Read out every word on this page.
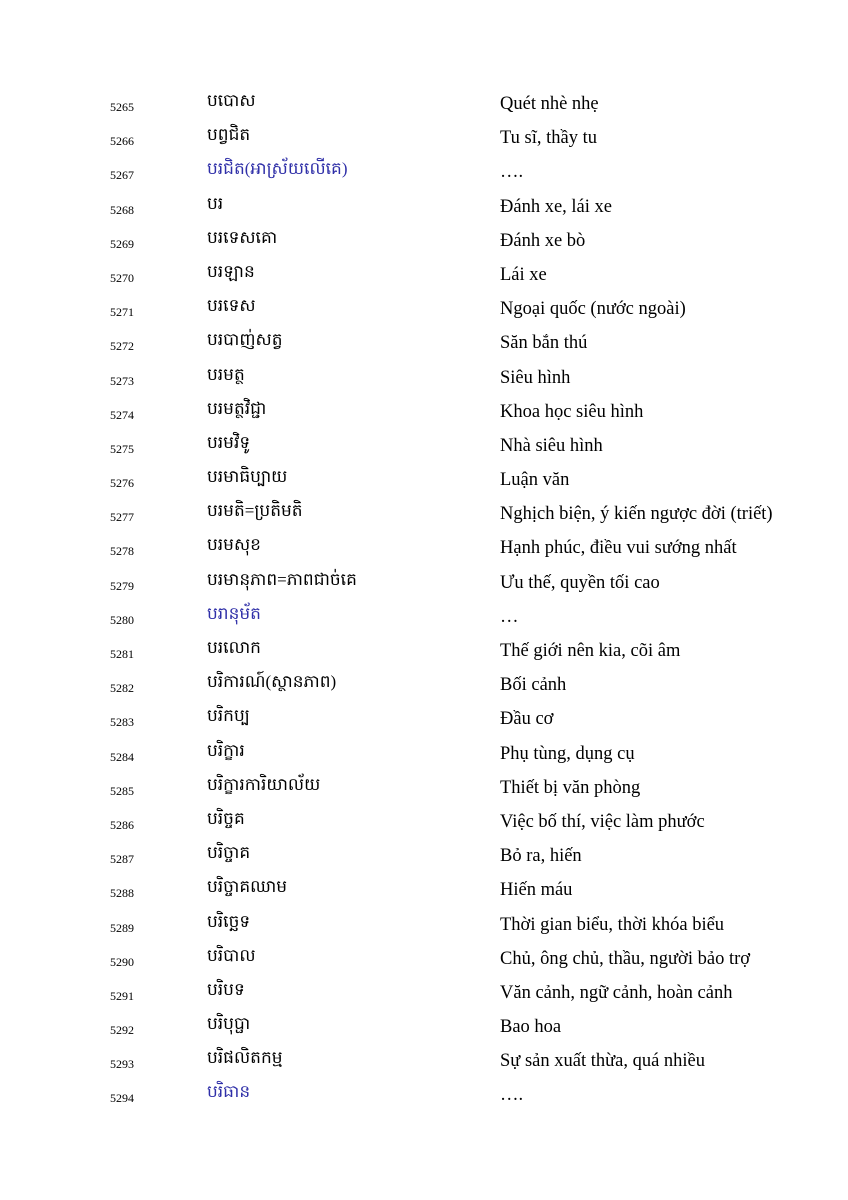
5265	បបោស	Quét nhè nhẹ
5266	បព្វជិត	Tu sĩ, thầy tu
5267	បរជិត(អាស្រ័យលើគេ)	….
5268	បរ	Đánh xe, lái xe
5269	បរទេសគោ	Đánh xe bò
5270	បរឡាន	Lái xe
5271	បរទេស	Ngoại quốc (nước ngoài)
5272	បរបាញ់សត្វ	Săn bắn thú
5273	បរមត្ថ	Siêu hình
5274	បរមត្ថវិជ្ជា	Khoa học siêu hình
5275	បរមវិទូ	Nhà siêu hình
5276	បរមាធិប្បាយ	Luận văn
5277	បរមតិ=ប្រតិមតិ	Nghịch biện, ý kiến ngược đời (triết)
5278	បរមសុខ	Hạnh phúc, điều vui sướng nhất
5279	បរមានុភាព=ភាពជាច់គេ	Ưu thế, quyền tối cao
5280	បរានុម័ត	…
5281	បរលោក	Thế giới nên kia, cõi âm
5282	បរិការណ៍(ស្ថានភាព)	Bối cảnh
5283	បរិកប្ប	Đầu cơ
5284	បរិក្ខារ	Phụ tùng, dụng cụ
5285	បរិក្ខារការិយាល័យ	Thiết bị văn phòng
5286	បរិច្ចគ	Việc bố thí, việc làm phước
5287	បរិច្ចាគ	Bỏ ra, hiến
5288	បរិច្ចាគឈាម	Hiến máu
5289	បរិច្ឆេទ	Thời gian biểu, thời khóa biểu
5290	បរិបាល	Chủ, ông chủ, thầu, người bảo trợ
5291	បរិបទ	Văn cảnh, ngữ cảnh, hoàn cảnh
5292	បរិបុប្ផា	Bao hoa
5293	បរិផលិតកម្ម	Sự sản xuất thừa, quá nhiều
5294	បរិធាន	….
